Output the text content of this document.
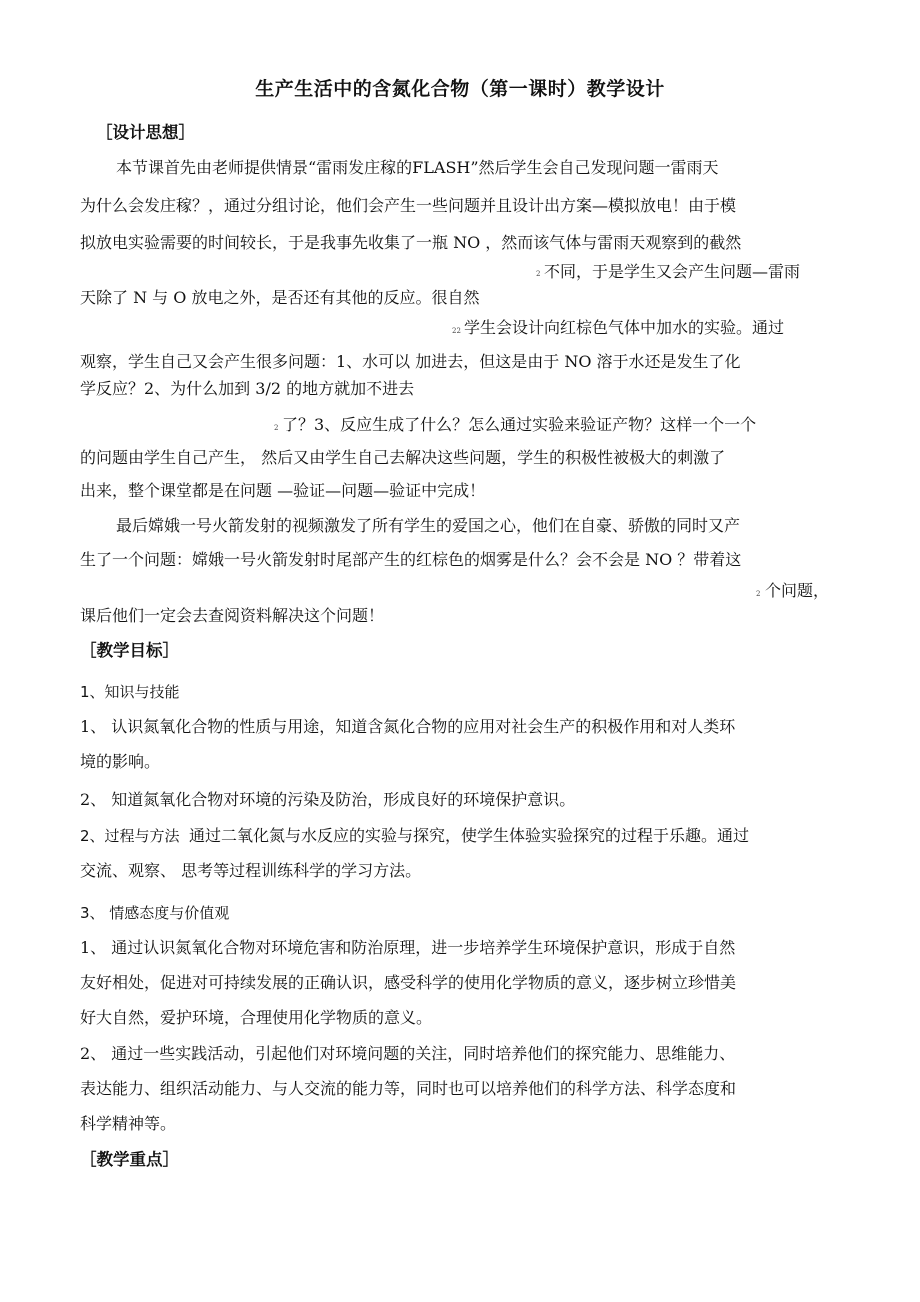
生产生活中的含氮化合物（第一课时）教学设计
［设计思想］
本节课首先由老师提供情景“雷雨发庄稼的FLASH”然后学生会自己发现问题一雷雨天
为什么会发庄稼？，通过分组讨论，他们会产生一些问题并且设计出方案—模拟放电！由于模
拟放电实验需要的时间较长，于是我事先收集了一瓶 NO ，然而该气体与雷雨天观察到的截然
2 不同，于是学生又会产生问题—雷雨
天除了 N 与 O 放电之外，是否还有其他的反应。很自然
22 学生会设计向红棕色气体中加水的实验。通过
观察，学生自己又会产生很多问题：1、水可以 加进去，但这是由于 NO 溶于水还是发生了化
学反应？2、为什么加到 3/2 的地方就加不进去
2 了？3、反应生成了什么？怎么通过实验来验证产物？这样一个一个
的问题由学生自己产生， 然后又由学生自己去解决这些问题，学生的积极性被极大的刺激了
出来，整个课堂都是在问题 —验证—问题—验证中完成！
最后嫦娥一号火箭发射的视频激发了所有学生的爱国之心，他们在自豪、骄傲的同时又产
生了一个问题：嫦娥一号火箭发射时尾部产生的红棕色的烟雾是什么？会不会是 NO ？带着这
2 个问题，
课后他们一定会去查阅资料解决这个问题！
［教学目标］
1、知识与技能
1、 认识氮氧化合物的性质与用途，知道含氮化合物的应用对社会生产的积极作用和对人类环
境的影响。
2、 知道氮氧化合物对环境的污染及防治，形成良好的环境保护意识。
2、过程与方法 通过二氧化氮与水反应的实验与探究，使学生体验实验探究的过程于乐趣。通过
交流、观察、 思考等过程训练科学的学习方法。
3、 情感态度与价值观
1、 通过认识氮氧化合物对环境危害和防治原理，进一步培养学生环境保护意识，形成于自然
友好相处，促进对可持续发展的正确认识，感受科学的使用化学物质的意义，逐步树立珍惜美
好大自然，爱护环境，合理使用化学物质的意义。
2、 通过一些实践活动，引起他们对环境问题的关注，同时培养他们的探究能力、思维能力、
表达能力、组织活动能力、与人交流的能力等，同时也可以培养他们的科学方法、科学态度和
科学精神等。
［教学重点］
